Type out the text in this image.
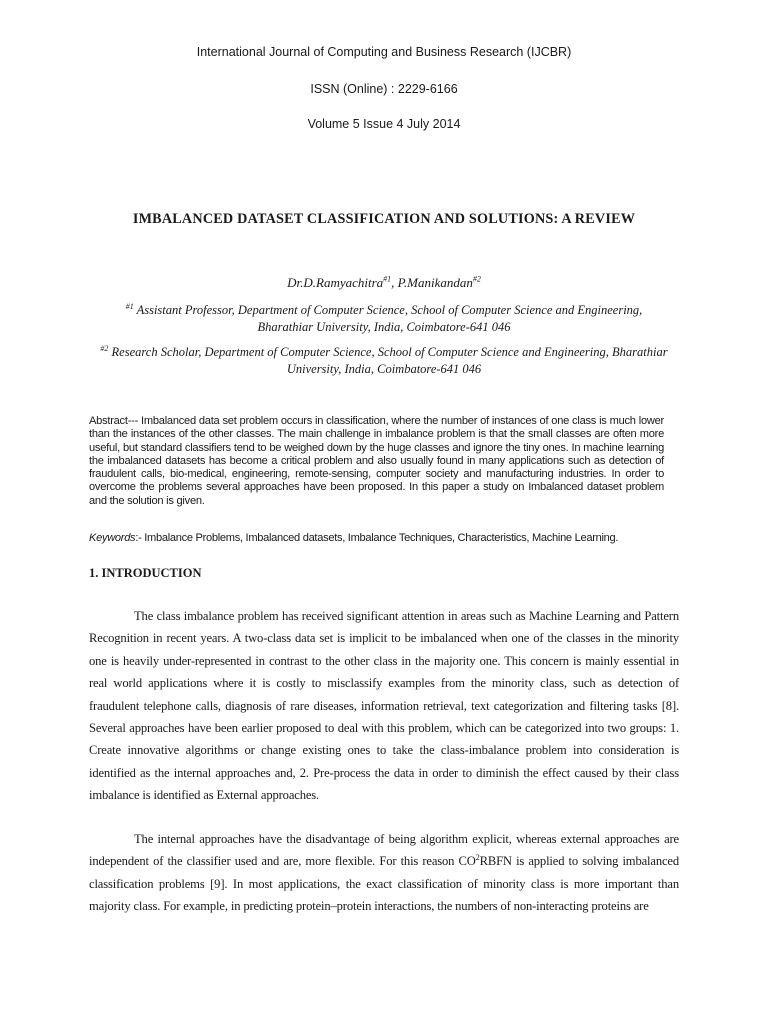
International Journal of Computing and Business Research (IJCBR)
ISSN (Online) : 2229-6166
Volume 5 Issue 4 July 2014
IMBALANCED DATASET CLASSIFICATION AND SOLUTIONS: A REVIEW
Dr.D.Ramyachitra$^{\#1}$, P.Manikandan$^{\#2}$
$^{\#1}$ Assistant Professor, Department of Computer Science, School of Computer Science and Engineering, Bharathiar University, India, Coimbatore-641 046
$^{\#2}$ Research Scholar, Department of Computer Science, School of Computer Science and Engineering, Bharathiar University, India, Coimbatore-641 046
Abstract--- Imbalanced data set problem occurs in classification, where the number of instances of one class is much lower than the instances of the other classes. The main challenge in imbalance problem is that the small classes are often more useful, but standard classifiers tend to be weighed down by the huge classes and ignore the tiny ones. In machine learning the imbalanced datasets has become a critical problem and also usually found in many applications such as detection of fraudulent calls, bio-medical, engineering, remote-sensing, computer society and manufacturing industries. In order to overcome the problems several approaches have been proposed. In this paper a study on Imbalanced dataset problem and the solution is given.
Keywords:- Imbalance Problems, Imbalanced datasets, Imbalance Techniques, Characteristics, Machine Learning.
1. INTRODUCTION
The class imbalance problem has received significant attention in areas such as Machine Learning and Pattern Recognition in recent years. A two-class data set is implicit to be imbalanced when one of the classes in the minority one is heavily under-represented in contrast to the other class in the majority one. This concern is mainly essential in real world applications where it is costly to misclassify examples from the minority class, such as detection of fraudulent telephone calls, diagnosis of rare diseases, information retrieval, text categorization and filtering tasks [8]. Several approaches have been earlier proposed to deal with this problem, which can be categorized into two groups: 1. Create innovative algorithms or change existing ones to take the class-imbalance problem into consideration is identified as the internal approaches and, 2. Pre-process the data in order to diminish the effect caused by their class imbalance is identified as External approaches.
The internal approaches have the disadvantage of being algorithm explicit, whereas external approaches are independent of the classifier used and are, more flexible. For this reason $CO^2RBFN$ is applied to solving imbalanced classification problems [9]. In most applications, the exact classification of minority class is more important than majority class. For example, in predicting protein–protein interactions, the numbers of non-interacting proteins are
